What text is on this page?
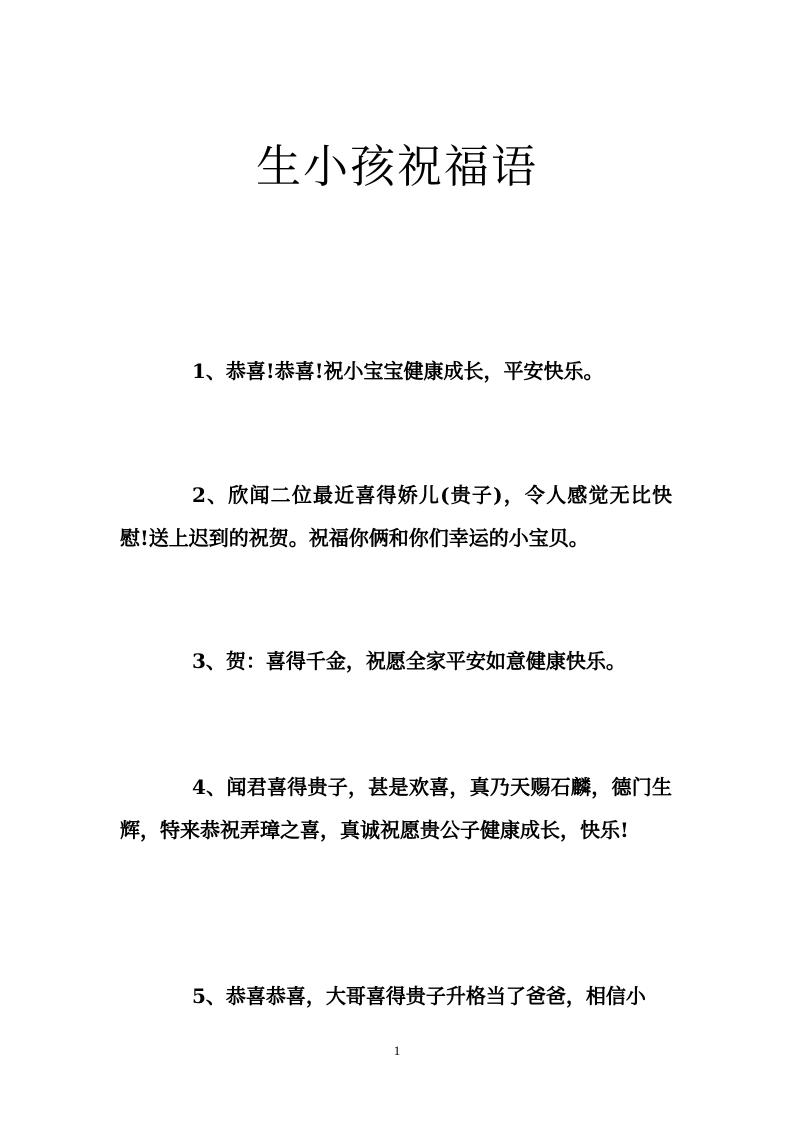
生小孩祝福语

1、恭喜!恭喜!祝小宝宝健康成长，平安快乐。

2、欣闻二位最近喜得娇儿(贵子)，令人感觉无比快慰!送上迟到的祝贺。祝福你俩和你们幸运的小宝贝。

3、贺：喜得千金，祝愿全家平安如意健康快乐。

4、闻君喜得贵子，甚是欢喜，真乃天赐石麟，德门生辉，特来恭祝弄璋之喜，真诚祝愿贵公子健康成长，快乐!

5、恭喜恭喜，大哥喜得贵子升格当了爸爸，相信小

1
